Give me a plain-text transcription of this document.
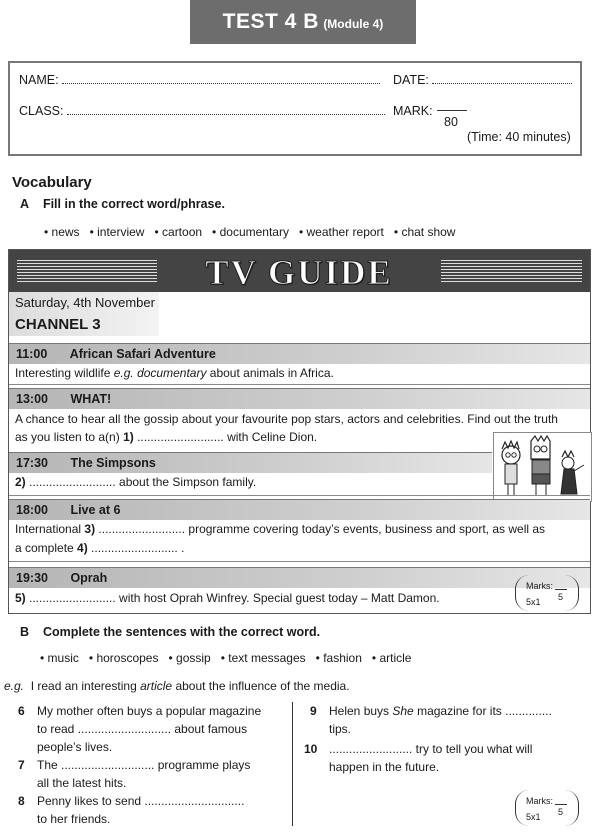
TEST 4 B (Module 4)
NAME:
CLASS:
DATE:
MARK:
80
(Time: 40 minutes)
Vocabulary
A Fill in the correct word/phrase.
• news   • interview   • cartoon   • documentary   • weather report   • chat show
TV GUIDE
Saturday, 4th November
CHANNEL 3
11:00 African Safari Adventure
Interesting wildlife e.g. documentary about animals in Africa.
13:00 WHAT!
A chance to hear all the gossip about your favourite pop stars, actors and celebrities. Find out the truth
as you listen to a(n) 1) .......................... with Celine Dion.
17:30 The Simpsons
2) .......................... about the Simpson family.
18:00 Live at 6
International 3) .......................... programme covering today’s events, business and sport, as well as
a complete 4) .......................... .
19:30 Oprah
5) .......................... with host Oprah Winfrey. Special guest today – Matt Damon.
Marks:
5
5x1
B Complete the sentences with the correct word.
• music   • horoscopes   • gossip   • text messages   • fashion   • article
e.g. I read an interesting article about the influence of the media.
6 My mother often buys a popular magazine
to read ............................ about famous
people’s lives.
7 The ............................ programme plays
all the latest hits.
8 Penny likes to send ..............................
to her friends.
9 Helen buys She magazine for its ..............
tips.
10 ......................... try to tell you what will
happen in the future.
Marks:
5
5x1
